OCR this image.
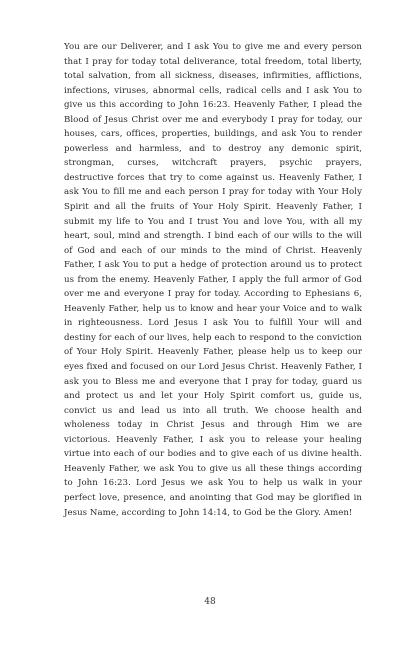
You are our Deliverer, and I ask You to give me and every person that I pray for today total deliverance, total freedom, total liberty, total salvation, from all sickness, diseases, infirmities, afflictions, infections, viruses, abnormal cells, radical cells and I ask You to give us this according to John 16:23. Heavenly Father, I plead the Blood of Jesus Christ over me and everybody I pray for today, our houses, cars, offices, properties, buildings, and ask You to render powerless and harmless, and to destroy any demonic spirit, strongman, curses, witchcraft prayers, psychic prayers, destructive forces that try to come against us. Heavenly Father, I ask You to fill me and each person I pray for today with Your Holy Spirit and all the fruits of Your Holy Spirit. Heavenly Father, I submit my life to You and I trust You and love You, with all my heart, soul, mind and strength. I bind each of our wills to the will of God and each of our minds to the mind of Christ. Heavenly Father, I ask You to put a hedge of protection around us to protect us from the enemy. Heavenly Father, I apply the full armor of God over me and everyone I pray for today. According to Ephesians 6, Heavenly Father, help us to know and hear your Voice and to walk in righteousness. Lord Jesus I ask You to fulfill Your will and destiny for each of our lives, help each to respond to the conviction of Your Holy Spirit. Heavenly Father, please help us to keep our eyes fixed and focused on our Lord Jesus Christ. Heavenly Father, I ask you to Bless me and everyone that I pray for today, guard us and protect us and let your Holy Spirit comfort us, guide us, convict us and lead us into all truth. We choose health and wholeness today in Christ Jesus and through Him we are victorious. Heavenly Father, I ask you to release your healing virtue into each of our bodies and to give each of us divine health. Heavenly Father, we ask You to give us all these things according to John 16:23. Lord Jesus we ask You to help us walk in your perfect love, presence, and anointing that God may be glorified in Jesus Name, according to John 14:14, to God be the Glory. Amen!

48
